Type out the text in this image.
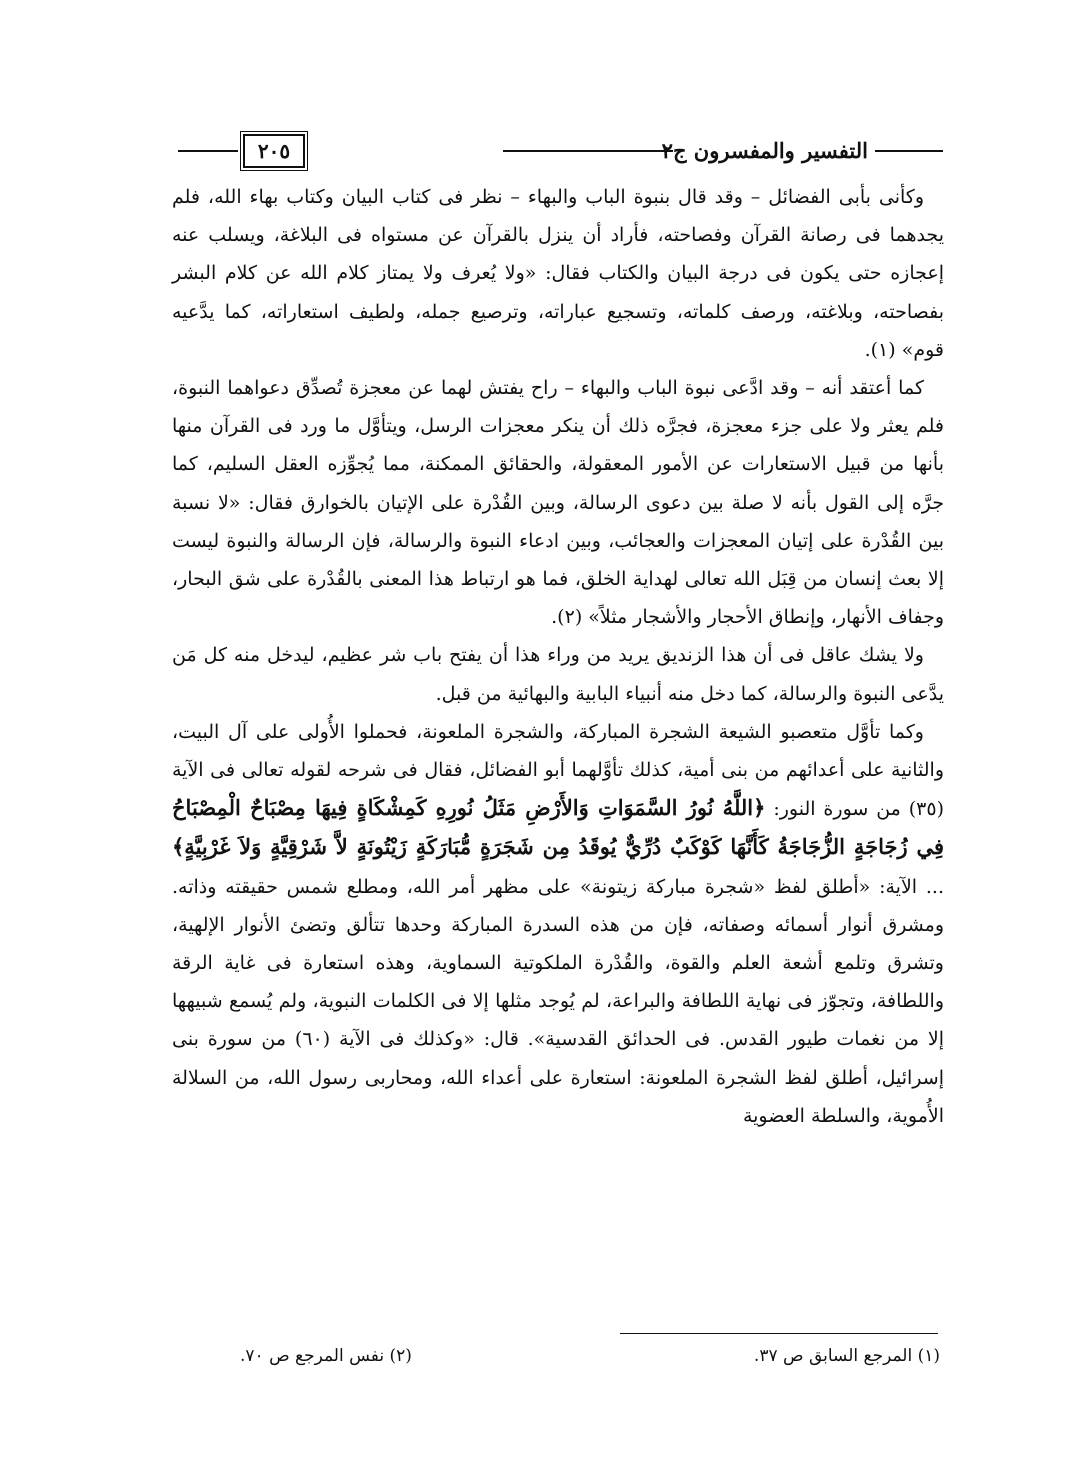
التفسير والمفسرون ج٢
٢٠٥

وكأنى بأبى الفضائل – وقد قال بنبوة الباب والبهاء – نظر فى كتاب البيان وكتاب بهاء الله، فلم يجدهما فى رصانة القرآن وفصاحته، فأراد أن ينزل بالقرآن عن مستواه فى البلاغة، ويسلب عنه إعجازه حتى يكون فى درجة البيان والكتاب فقال: «ولا يُعرف ولا يمتاز كلام الله عن كلام البشر بفصاحته، وبلاغته، ورصف كلماته، وتسجيع عباراته، وترصيع جمله، ولطيف استعاراته، كما يدَّعيه قوم» (١).

كما أعتقد أنه – وقد ادَّعى نبوة الباب والبهاء – راح يفتش لهما عن معجزة تُصدِّق دعواهما النبوة، فلم يعثر ولا على جزء معجزة، فجرَّه ذلك أن ينكر معجزات الرسل، ويتأوَّل ما ورد فى القرآن منها بأنها من قبيل الاستعارات عن الأمور المعقولة، والحقائق الممكنة، مما يُجوِّزه العقل السليم، كما جرَّه إلى القول بأنه لا صلة بين دعوى الرسالة، وبين القُدْرة على الإتيان بالخوارق فقال: «لا نسبة بين القُدْرة على إتيان المعجزات والعجائب، وبين ادعاء النبوة والرسالة، فإن الرسالة والنبوة ليست إلا بعث إنسان من قِبَل الله تعالى لهداية الخلق، فما هو ارتباط هذا المعنى بالقُدْرة على شق البحار، وجفاف الأنهار، وإنطاق الأحجار والأشجار مثلاً» (٢).

ولا يشك عاقل فى أن هذا الزنديق يريد من وراء هذا أن يفتح باب شر عظيم، ليدخل منه كل مَن يدَّعى النبوة والرسالة، كما دخل منه أنبياء البابية والبهائية من قبل.

وكما تأوَّل متعصبو الشيعة الشجرة المباركة، والشجرة الملعونة، فحملوا الأُولى على آل البيت، والثانية على أعدائهم من بنى أمية، كذلك تأوَّلهما أبو الفضائل، فقال فى شرحه لقوله تعالى فى الآية (٣٥) من سورة النور: ﴿اللَّهُ نُورُ السَّمَوَاتِ وَالأَرْضِ مَثَلُ نُورِهِ كَمِشْكَاةٍ فِيهَا مِصْبَاحٌ الْمِصْبَاحُ فِي زُجَاجَةٍ الزُّجَاجَةُ كَأَنَّهَا كَوْكَبٌ دُرِّيٌّ يُوقَدُ مِن شَجَرَةٍ مُّبَارَكَةٍ زَيْتُونَةٍ لاَّ شَرْقِيَّةٍ وَلاَ غَرْبِيَّةٍ﴾ ... الآية: «أطلق لفظ «شجرة مباركة زيتونة» على مظهر أمر الله، ومطلع شمس حقيقته وذاته. ومشرق أنوار أسمائه وصفاته، فإن من هذه السدرة المباركة وحدها تتألق وتضئ الأنوار الإلهية، وتشرق وتلمع أشعة العلم والقوة، والقُدْرة الملكوتية السماوية، وهذه استعارة فى غاية الرقة واللطافة، وتجوّز فى نهاية اللطافة والبراعة، لم يُوجد مثلها إلا فى الكلمات النبوية، ولم يُسمع شبيهها إلا من نغمات طيور القدس. فى الحدائق القدسية». قال: «وكذلك فى الآية (٦٠) من سورة بنى إسرائيل، أطلق لفظ الشجرة الملعونة: استعارة على أعداء الله، ومحاربى رسول الله، من السلالة الأُموية، والسلطة العضوية

(١) المرجع السابق ص ٣٧.
(٢) نفس المرجع ص ٧٠.
